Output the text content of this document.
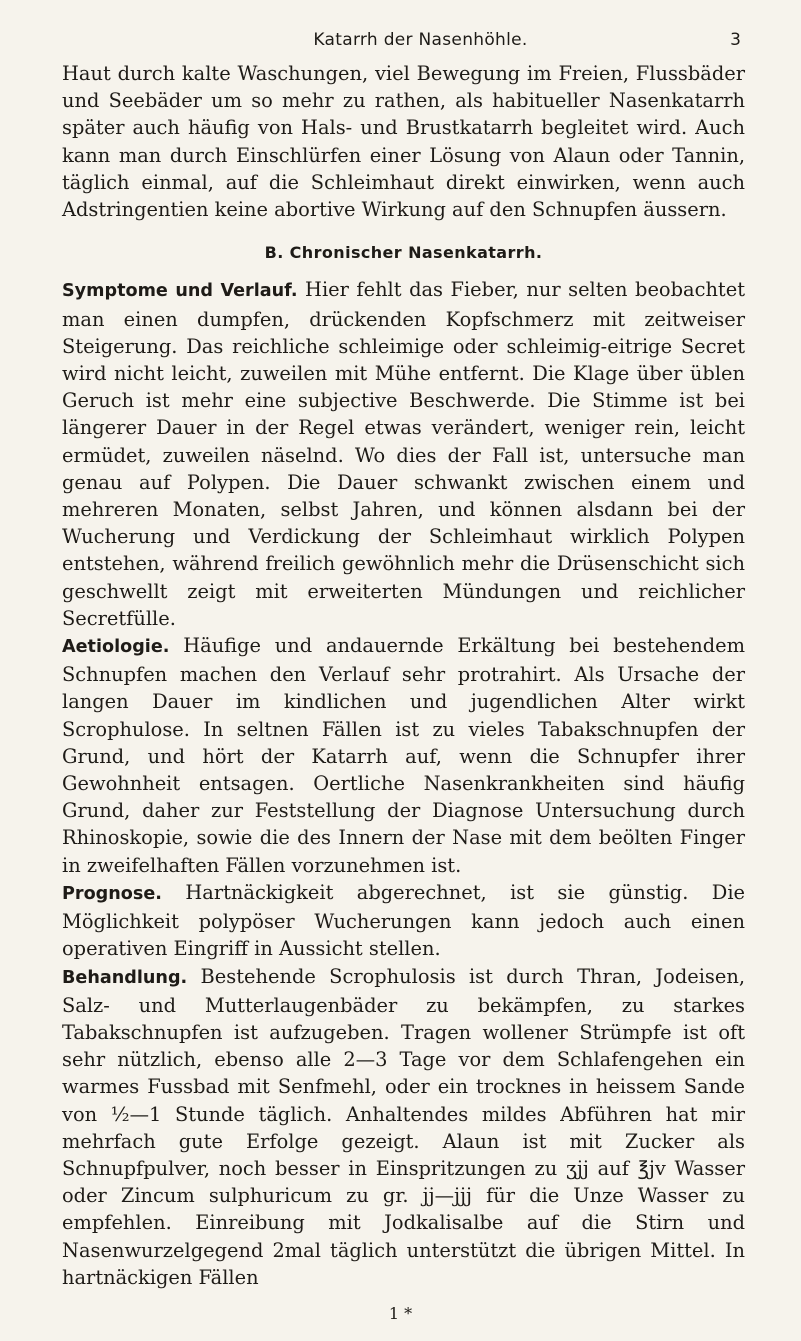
Katarrh der Nasenhöhle.	3

Haut durch kalte Waschungen, viel Bewegung im Freien, Flussbäder und Seebäder um so mehr zu rathen, als habitueller Nasenkatarrh später auch häufig von Hals- und Brustkatarrh begleitet wird. Auch kann man durch Einschlürfen einer Lösung von Alaun oder Tannin, täglich einmal, auf die Schleimhaut direkt einwirken, wenn auch Adstringentien keine abortive Wirkung auf den Schnupfen äussern.

B. Chronischer Nasenkatarrh.

Symptome und Verlauf. Hier fehlt das Fieber, nur selten beobachtet man einen dumpfen, drückenden Kopfschmerz mit zeitweiser Steigerung. Das reichliche schleimige oder schleimig-eitrige Secret wird nicht leicht, zuweilen mit Mühe entfernt. Die Klage über üblen Geruch ist mehr eine subjective Beschwerde. Die Stimme ist bei längerer Dauer in der Regel etwas verändert, weniger rein, leicht ermüdet, zuweilen näselnd. Wo dies der Fall ist, untersuche man genau auf Polypen. Die Dauer schwankt zwischen einem und mehreren Monaten, selbst Jahren, und können alsdann bei der Wucherung und Verdickung der Schleimhaut wirklich Polypen entstehen, während freilich gewöhnlich mehr die Drüsenschicht sich geschwellt zeigt mit erweiterten Mündungen und reichlicher Secretfülle.

Aetiologie. Häufige und andauernde Erkältung bei bestehendem Schnupfen machen den Verlauf sehr protrahirt. Als Ursache der langen Dauer im kindlichen und jugendlichen Alter wirkt Scrophulose. In seltnen Fällen ist zu vieles Tabakschnupfen der Grund, und hört der Katarrh auf, wenn die Schnupfer ihrer Gewohnheit entsagen. Oertliche Nasenkrankheiten sind häufig Grund, daher zur Feststellung der Diagnose Untersuchung durch Rhinoskopie, sowie die des Innern der Nase mit dem beölten Finger in zweifelhaften Fällen vorzunehmen ist.

Prognose. Hartnäckigkeit abgerechnet, ist sie günstig. Die Möglichkeit polypöser Wucherungen kann jedoch auch einen operativen Eingriff in Aussicht stellen.

Behandlung. Bestehende Scrophulosis ist durch Thran, Jodeisen, Salz- und Mutterlaugenbäder zu bekämpfen, zu starkes Tabakschnupfen ist aufzugeben. Tragen wollener Strümpfe ist oft sehr nützlich, ebenso alle 2—3 Tage vor dem Schlafengehen ein warmes Fussbad mit Senfmehl, oder ein trocknes in heissem Sande von ½—1 Stunde täglich. Anhaltendes mildes Abführen hat mir mehrfach gute Erfolge gezeigt. Alaun ist mit Zucker als Schnupfpulver, noch besser in Einspritzungen zu ʒjj auf ℥jv Wasser oder Zincum sulphuricum zu gr. jj—jjj für die Unze Wasser zu empfehlen. Einreibung mit Jodkalisalbe auf die Stirn und Nasenwurzelgegend 2mal täglich unterstützt die übrigen Mittel. In hartnäckigen Fällen

1 *
